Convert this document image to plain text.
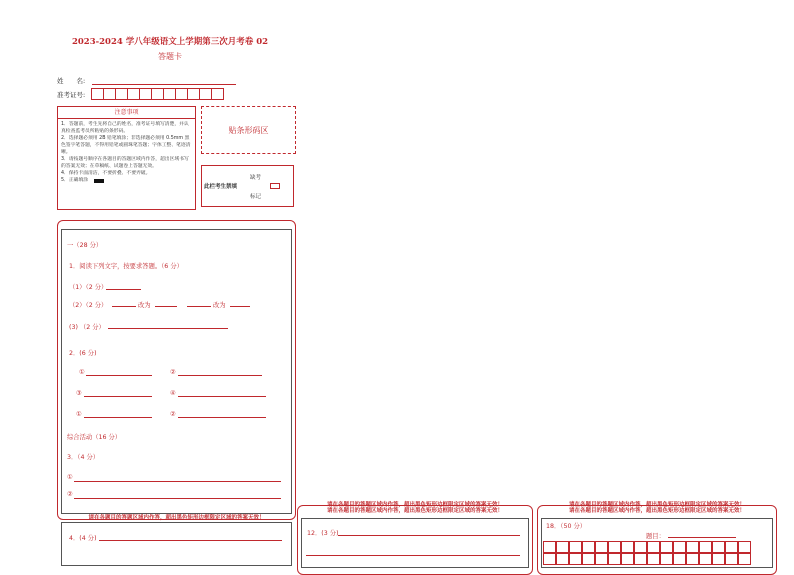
2023-2024 学八年级语文上学期第三次月考卷 02
答题卡
姓　　名:
准考证号:
注意事项
1．答题前，考生先将自己的姓名，准考证号填写清楚，并认真检查监考员所粘贴的条形码。
2．选择题必须用 2B 铅笔填涂；非选择题必须用 0.5mm 黑色签字笔答题，不得用铅笔或圆珠笔答题；字体工整、笔迹清晰。
3．请按题号顺序在各题目的答题区域内作答，超出区域书写的答案无效；在草稿纸、试题卷上答题无效。
4．保持卡面清洁，不要折叠、不要弄破。
5．正确填涂
贴条形码区
缺考
此栏考生禁填
标记
一（28 分）
1．阅读下列文字，按要求答题。（6 分）
（1）（2 分）
（2）（2 分）	改为	改为
(3) （2 分）
2．(6 分)
①	②
③	④
①	②
综合活动（16 分）
3．（4 分）
①
②
请在各题目的答题区域内作答，超出黑色矩形边框限定区域的答案无效！
4．(4 分)
请在各题目的答题区域内作答，超出黑色矩形边框限定区域的答案无效！
请在各题目的答题区域内作答，超出黑色矩形边框限定区域的答案无效！
12．(3 分)
请在各题目的答题区域内作答，超出黑色矩形边框限定区域的答案无效！
请在各题目的答题区域内作答，超出黑色矩形边框限定区域的答案无效！
18．（50 分）
题目：
